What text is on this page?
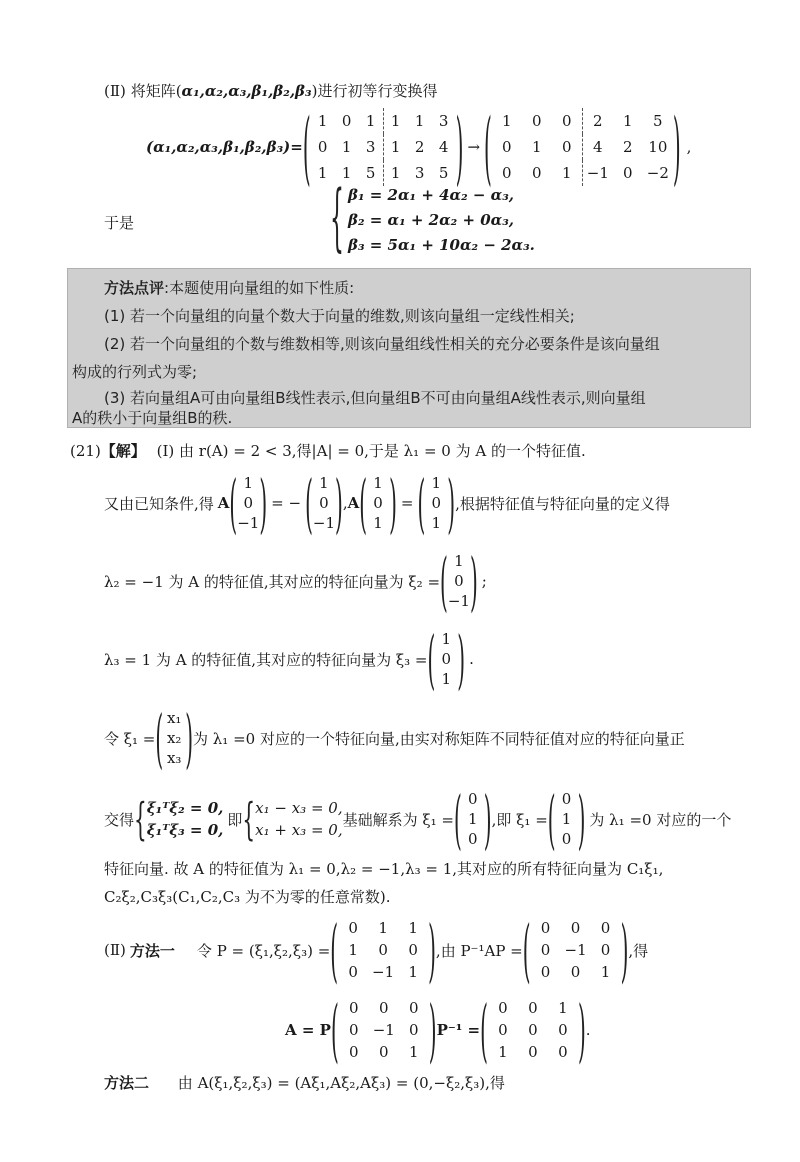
(Ⅱ) 将矩阵(α₁,α₂,α₃,β₁,β₂,β₃)进行初等行变换得
(α₁,α₂,α₃,β₁,β₂,β₃)= ( 1 0 1	1 1 3
0 1 3	1 2 4
1 1 5	1 3 5 ) → ( 1	0	0	2	1	5
0	1	0	4	2	10
0	0	1	−1 0 −2 ) ,
于是	{ β₁ = 2α₁ + 4α₂ − α₃,
β₂ = α₁ + 2α₂ + 0α₃,
β₃ = 5α₁ + 10α₂ − 2α₃.
方法点评:本题使用向量组的如下性质:
(1) 若一个向量组的向量个数大于向量的维数,则该向量组一定线性相关;
(2) 若一个向量组的个数与维数相等,则该向量组线性相关的充分必要条件是该向量组
构成的行列式为零;
(3) 若向量组A可由向量组B线性表示,但向量组B不可由向量组A线性表示,则向量组
A的秩小于向量组B的秩.
(21)【解】 (Ⅰ) 由 r(A) = 2 < 3,得|A| = 0,于是 λ₁ = 0 为 A 的一个特征值.
又由已知条件,得 A ( 1
0
−1 ) = − ( 1
0
−1 ) , A ( 1
0
1 ) = ( 1
0
1 ) ,根据特征值与特征向量的定义得
λ₂ = −1 为 A 的特征值,其对应的特征向量为 ξ₂ = ( 1
0
−1 ) ;
λ₃ = 1 为 A 的特征值,其对应的特征向量为 ξ₃ = ( 1
0
1 ) .
令 ξ₁ = ( x₁
x₂
x₃ ) 为 λ₁ =0 对应的一个特征向量,由实对称矩阵不同特征值对应的特征向量正
交得 { ξ₁ᵀξ₂ = 0,
ξ₁ᵀξ₃ = 0,
即 { x₁ − x₃ = 0,
x₁ + x₃ = 0,
基础解系为 ξ₁ = ( 0
1
0 ) ,即 ξ₁ = ( 0
1
0 ) 为 λ₁ =0 对应的一个
特征向量. 故 A 的特征值为 λ₁ = 0,λ₂ = −1,λ₃ = 1,其对应的所有特征向量为 C₁ξ₁,
C₂ξ₂,C₃ξ₃(C₁,C₂,C₃ 为不为零的任意常数).
(Ⅱ) 方法一 令 P = (ξ₁,ξ₂,ξ₃) = ( 0	1	1
1	0	0
0 −1 1 ) ,由 P⁻¹AP = ( 0	0	0
0 −1 0
0	0	1 ) ,得
A = P ( 0	0	0
0 −1 0
0	0	1 ) P⁻¹ = ( 0	0	1
0	0	0
1	0	0 ) .
方法二 由 A(ξ₁,ξ₂,ξ₃) = (Aξ₁,Aξ₂,Aξ₃) = (0,−ξ₂,ξ₃),得
